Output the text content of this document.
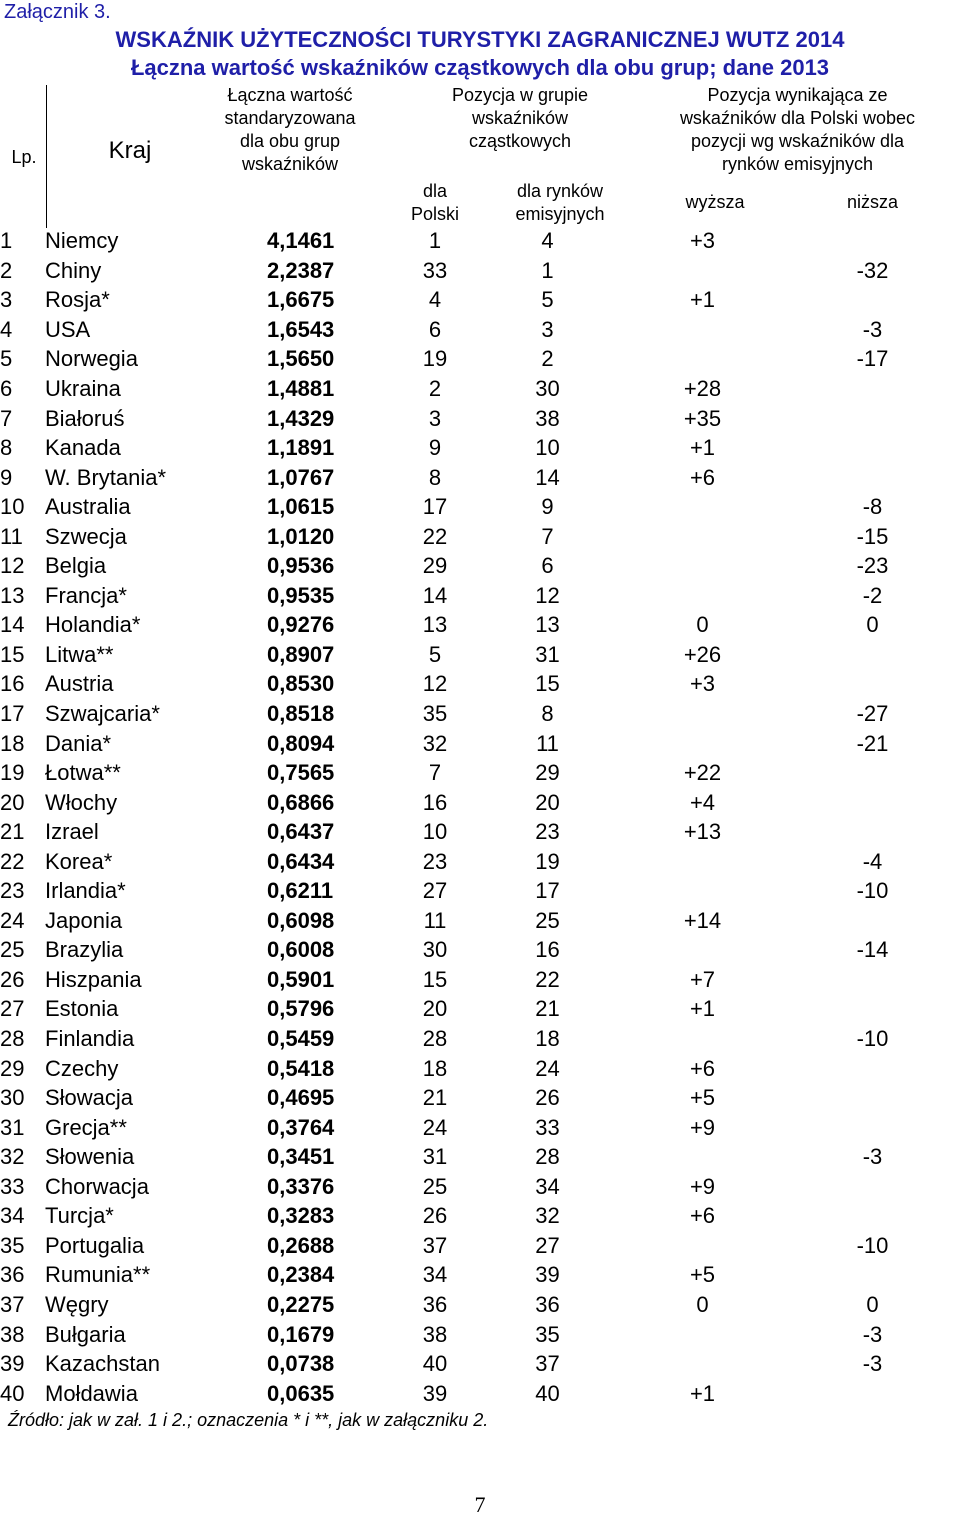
Załącznik 3.
WSKAŹNIK UŻYTECZNOŚCI TURYSTYKI ZAGRANICZNEJ WUTZ 2014
Łączna wartość wskaźników cząstkowych dla obu grup; dane 2013
Lp.	Kraj
Łączna wartość
standaryzowana
dla obu grup
wskaźników
Pozycja w grupie
wskaźników
cząstkowych
dla
Polski
dla rynków
emisyjnych
Pozycja wynikająca ze
wskaźników dla Polski wobec
pozycji wg wskaźników dla
rynków emisyjnych
wyższa	niższa
1	Niemcy	4,1461	1	4	+3	
2	Chiny	2,2387	33	1		-32
3	Rosja*	1,6675	4	5	+1	
4	USA	1,6543	6	3		-3
5	Norwegia	1,5650	19	2		-17
6	Ukraina	1,4881	2	30	+28	
7	Białoruś	1,4329	3	38	+35	
8	Kanada	1,1891	9	10	+1	
9	W. Brytania*	1,0767	8	14	+6	
10	Australia	1,0615	17	9		-8
11	Szwecja	1,0120	22	7		-15
12	Belgia	0,9536	29	6		-23
13	Francja*	0,9535	14	12		-2
14	Holandia*	0,9276	13	13	0	0
15	Litwa**	0,8907	5	31	+26	
16	Austria	0,8530	12	15	+3	
17	Szwajcaria*	0,8518	35	8		-27
18	Dania*	0,8094	32	11		-21
19	Łotwa**	0,7565	7	29	+22	
20	Włochy	0,6866	16	20	+4	
21	Izrael	0,6437	10	23	+13	
22	Korea*	0,6434	23	19		-4
23	Irlandia*	0,6211	27	17		-10
24	Japonia	0,6098	11	25	+14	
25	Brazylia	0,6008	30	16		-14
26	Hiszpania	0,5901	15	22	+7	
27	Estonia	0,5796	20	21	+1	
28	Finlandia	0,5459	28	18		-10
29	Czechy	0,5418	18	24	+6	
30	Słowacja	0,4695	21	26	+5	
31	Grecja**	0,3764	24	33	+9	
32	Słowenia	0,3451	31	28		-3
33	Chorwacja	0,3376	25	34	+9	
34	Turcja*	0,3283	26	32	+6	
35	Portugalia	0,2688	37	27		-10
36	Rumunia**	0,2384	34	39	+5	
37	Węgry	0,2275	36	36	0	0
38	Bułgaria	0,1679	38	35		-3
39	Kazachstan	0,0738	40	37		-3
40	Mołdawia	0,0635	39	40	+1	
Źródło: jak w zał. 1 i 2.; oznaczenia * i **, jak w załączniku 2.
7
